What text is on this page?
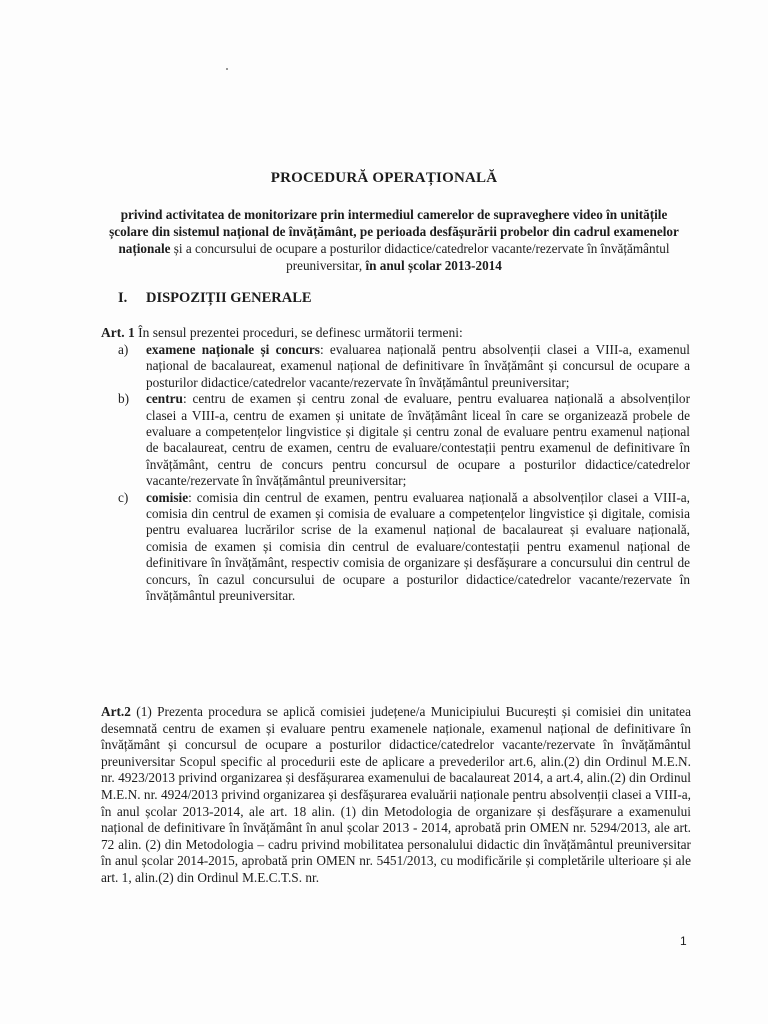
PROCEDURĂ OPERAȚIONALĂ
privind activitatea de monitorizare prin intermediul camerelor de supraveghere video în unitățile școlare din sistemul național de învățământ, pe perioada desfășurării probelor din cadrul examenelor naționale și a concursului de ocupare a posturilor didactice/catedrelor vacante/rezervate în învățământul preuniversitar, în anul școlar 2013-2014
I. DISPOZIȚII GENERALE
Art. 1 În sensul prezentei proceduri, se definesc următorii termeni:
a) examene naționale și concurs: evaluarea națională pentru absolvenții clasei a VIII-a, examenul național de bacalaureat, examenul național de definitivare în învățământ și concursul de ocupare a posturilor didactice/catedrelor vacante/rezervate în învățământul preuniversitar;
b) centru: centru de examen și centru zonal de evaluare, pentru evaluarea națională a absolvenților clasei a VIII-a, centru de examen și unitate de învățământ liceal în care se organizează probele de evaluare a competențelor lingvistice și digitale și centru zonal de evaluare pentru examenul național de bacalaureat, centru de examen, centru de evaluare/contestații pentru examenul de definitivare în învățământ, centru de concurs pentru concursul de ocupare a posturilor didactice/catedrelor vacante/rezervate în învățământul preuniversitar;
c) comisie: comisia din centrul de examen, pentru evaluarea națională a absolvenților clasei a VIII-a, comisia din centrul de examen și comisia de evaluare a competențelor lingvistice și digitale, comisia pentru evaluarea lucrărilor scrise de la examenul național de bacalaureat și evaluare națională, comisia de examen și comisia din centrul de evaluare/contestații pentru examenul național de definitivare în învățământ, respectiv comisia de organizare și desfășurare a concursului din centrul de concurs, în cazul concursului de ocupare a posturilor didactice/catedrelor vacante/rezervate în învățământul preuniversitar.
Art.2 (1) Prezenta procedura se aplică comisiei județene/a Municipiului București și comisiei din unitatea desemnată centru de examen și evaluare pentru examenele naționale, examenul național de definitivare în învățământ și concursul de ocupare a posturilor didactice/catedrelor vacante/rezervate în învățământul preuniversitar Scopul specific al procedurii este de aplicare a prevederilor art.6, alin.(2) din Ordinul M.E.N. nr. 4923/2013 privind organizarea și desfășurarea examenului de bacalaureat 2014, a art.4, alin.(2) din Ordinul M.E.N. nr. 4924/2013 privind organizarea și desfășurarea evaluării naționale pentru absolvenții clasei a VIII-a, în anul școlar 2013-2014, ale art. 18 alin. (1) din Metodologia de organizare și desfășurare a examenului național de definitivare în învățământ în anul școlar 2013 - 2014, aprobată prin OMEN nr. 5294/2013, ale art. 72 alin. (2) din Metodologia – cadru privind mobilitatea personalului didactic din învățământul preuniversitar în anul școlar 2014-2015, aprobată prin OMEN nr. 5451/2013, cu modificările și completările ulterioare și ale art. 1, alin.(2) din Ordinul M.E.C.T.S. nr.
1
